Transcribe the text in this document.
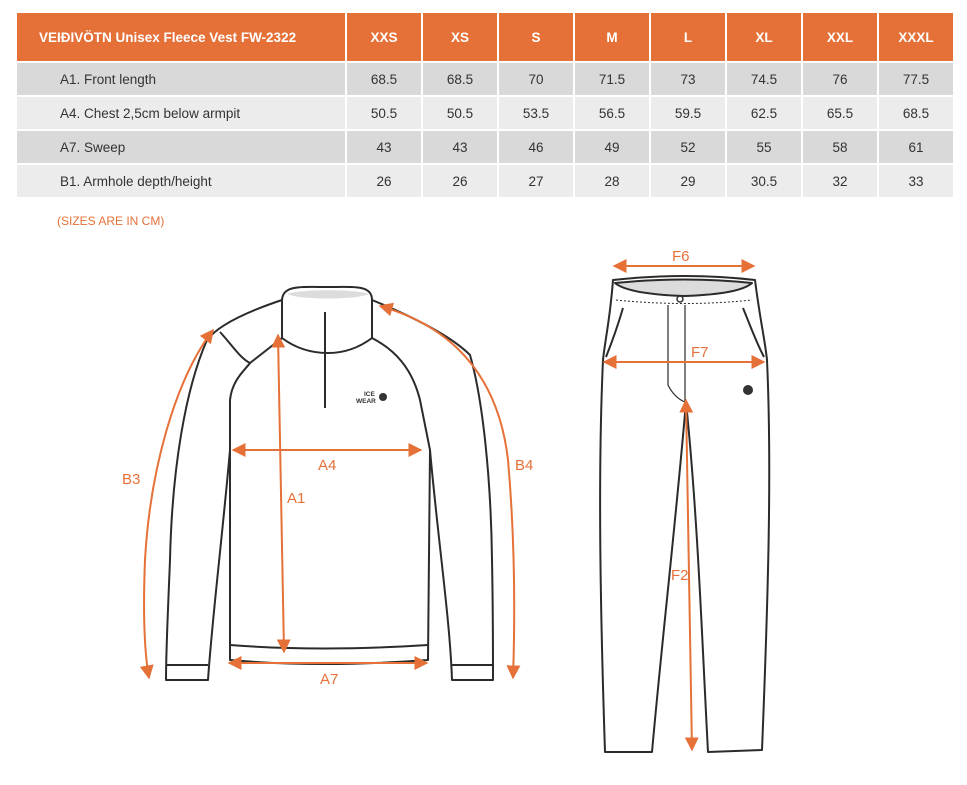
VEIÐIVÖTN Unisex Fleece Vest FW-2322	XXS	XS	S	M	L	XL	XXL	XXXL
A1. Front length	68.5	68.5	70	71.5	73	74.5	76	77.5
A4. Chest 2,5cm below armpit	50.5	50.5	53.5	56.5	59.5	62.5	65.5	68.5
A7. Sweep	43	43	46	49	52	55	58	61
B1. Armhole depth/height	26	26	27	28	29	30.5	32	33
(SIZES ARE IN CM)
ICE
WEAR
A4
A1
A7
B3
B4
F6
F7
F2
